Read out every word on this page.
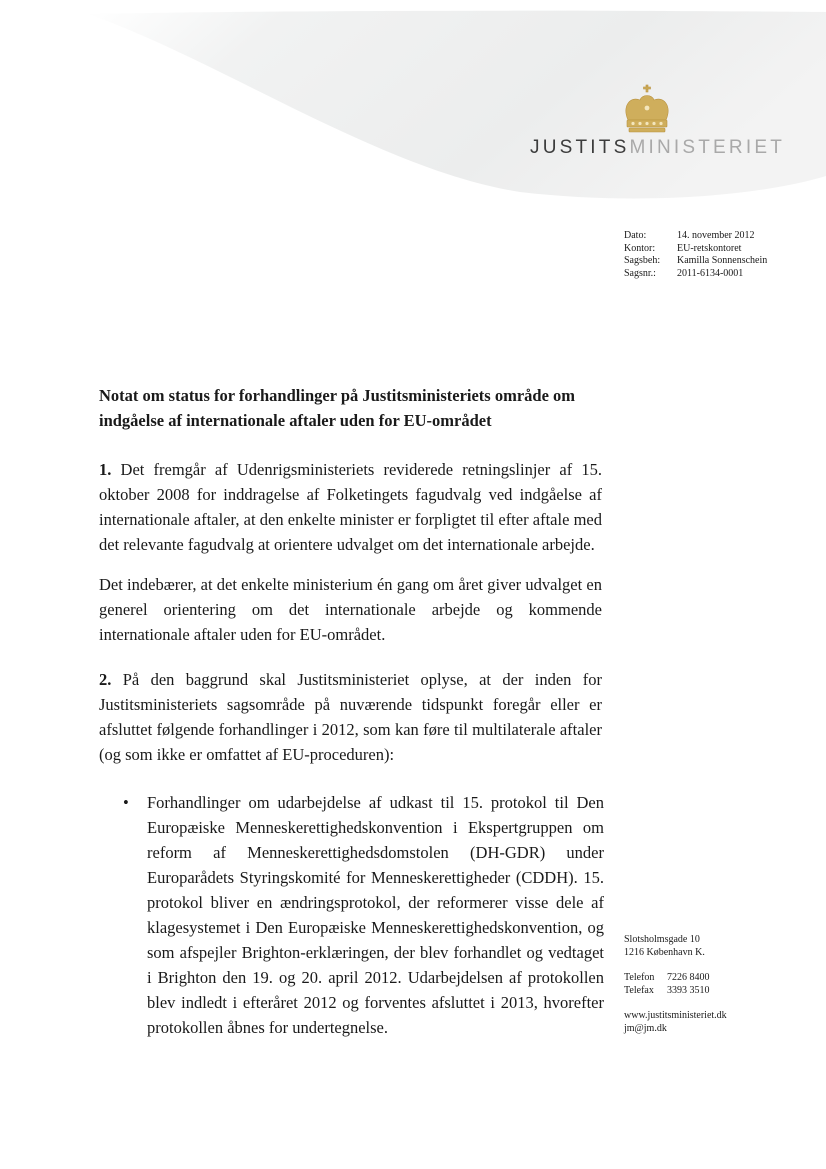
JUSTITSMINISTERIET
Dato:	14. november 2012
Kontor:	EU-retskontoret
Sagsbeh:	Kamilla Sonnenschein
Sagsnr.:	2011-6134-0001
Notat om status for forhandlinger på Justitsministeriets område om indgåelse af internationale aftaler uden for EU-området

1. Det fremgår af Udenrigsministeriets reviderede retningslinjer af 15. oktober 2008 for inddragelse af Folketingets fagudvalg ved indgåelse af internationale aftaler, at den enkelte minister er forpligtet til efter aftale med det relevante fagudvalg at orientere udvalget om det internationale arbejde.

Det indebærer, at det enkelte ministerium én gang om året giver udvalget en generel orientering om det internationale arbejde og kommende internationale aftaler uden for EU-området.

2. På den baggrund skal Justitsministeriet oplyse, at der inden for Justitsministeriets sagsområde på nuværende tidspunkt foregår eller er afsluttet følgende forhandlinger i 2012, som kan føre til multilaterale aftaler (og som ikke er omfattet af EU-proceduren):

• Forhandlinger om udarbejdelse af udkast til 15. protokol til Den Europæiske Menneskerettighedskonvention i Ekspertgruppen om reform af Menneskerettighedsdomstolen (DH-GDR) under Europarådets Styringskomité for Menneskerettigheder (CDDH). 15. protokol bliver en ændringsprotokol, der reformerer visse dele af klagesystemet i Den Europæiske Menneskerettighedskonvention, og som afspejler Brighton-erklæringen, der blev forhandlet og vedtaget i Brighton den 19. og 20. april 2012. Udarbejdelsen af protokollen blev indledt i efteråret 2012 og forventes afsluttet i 2013, hvorefter protokollen åbnes for undertegnelse.
Slotsholmsgade 10
1216 København K.
Telefon	7226 8400
Telefax	3393 3510
www.justitsministeriet.dk
jm@jm.dk
